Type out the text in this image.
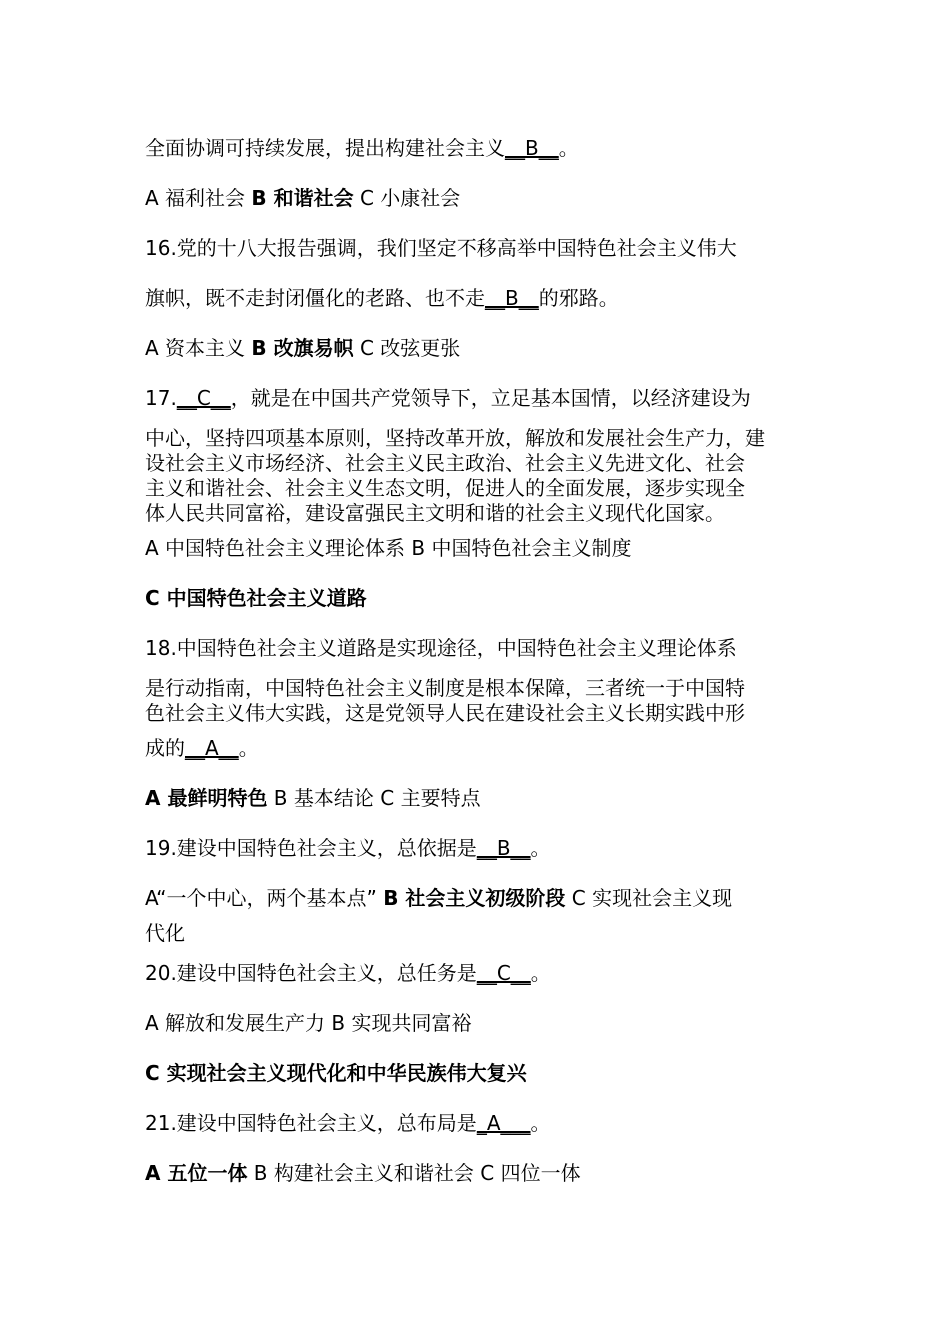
全面协调可持续发展，提出构建社会主义__B__。
A 福利社会 B 和谐社会 C 小康社会
16.党的十八大报告强调，我们坚定不移高举中国特色社会主义伟大
旗帜，既不走封闭僵化的老路、也不走__B__的邪路。
A 资本主义 B 改旗易帜 C 改弦更张
17.__C__，就是在中国共产党领导下，立足基本国情，以经济建设为
中心，坚持四项基本原则，坚持改革开放，解放和发展社会生产力，建
设社会主义市场经济、社会主义民主政治、社会主义先进文化、社会
主义和谐社会、社会主义生态文明，促进人的全面发展，逐步实现全
体人民共同富裕，建设富强民主文明和谐的社会主义现代化国家。
A 中国特色社会主义理论体系 B 中国特色社会主义制度
C 中国特色社会主义道路
18.中国特色社会主义道路是实现途径，中国特色社会主义理论体系
是行动指南，中国特色社会主义制度是根本保障，三者统一于中国特
色社会主义伟大实践，这是党领导人民在建设社会主义长期实践中形
成的__A__。
A 最鲜明特色 B 基本结论 C 主要特点
19.建设中国特色社会主义，总依据是__B__。
A“一个中心，两个基本点” B 社会主义初级阶段 C 实现社会主义现
代化
20.建设中国特色社会主义，总任务是__C__。
A 解放和发展生产力 B 实现共同富裕
C 实现社会主义现代化和中华民族伟大复兴
21.建设中国特色社会主义，总布局是_A___。
A 五位一体 B 构建社会主义和谐社会 C 四位一体
